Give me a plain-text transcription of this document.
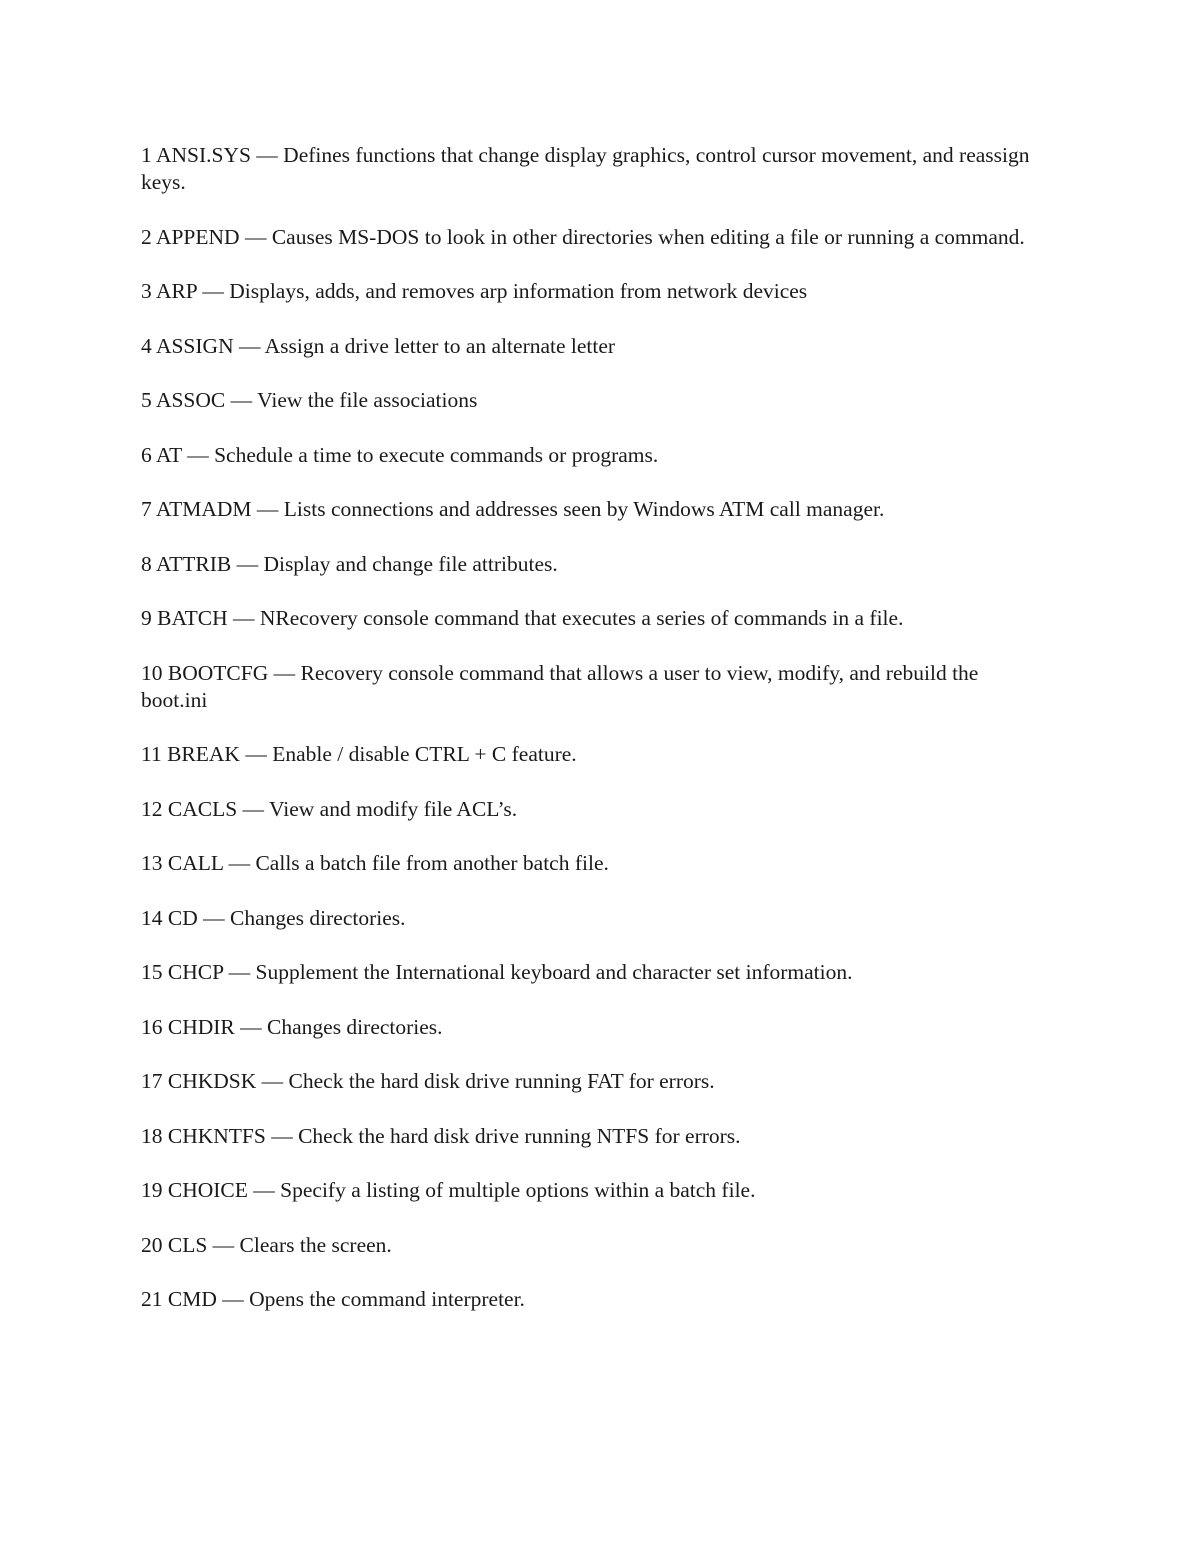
1 ANSI.SYS — Defines functions that change display graphics, control cursor movement, and reassign keys.
2 APPEND — Causes MS-DOS to look in other directories when editing a file or running a command.
3 ARP — Displays, adds, and removes arp information from network devices
4 ASSIGN — Assign a drive letter to an alternate letter
5 ASSOC — View the file associations
6 AT — Schedule a time to execute commands or programs.
7 ATMADM — Lists connections and addresses seen by Windows ATM call manager.
8 ATTRIB — Display and change file attributes.
9 BATCH — NRecovery console command that executes a series of commands in a file.
10 BOOTCFG — Recovery console command that allows a user to view, modify, and rebuild the boot.ini
11 BREAK — Enable / disable CTRL + C feature.
12 CACLS — View and modify file ACL’s.
13 CALL — Calls a batch file from another batch file.
14 CD — Changes directories.
15 CHCP — Supplement the International keyboard and character set information.
16 CHDIR — Changes directories.
17 CHKDSK — Check the hard disk drive running FAT for errors.
18 CHKNTFS — Check the hard disk drive running NTFS for errors.
19 CHOICE — Specify a listing of multiple options within a batch file.
20 CLS — Clears the screen.
21 CMD — Opens the command interpreter.
